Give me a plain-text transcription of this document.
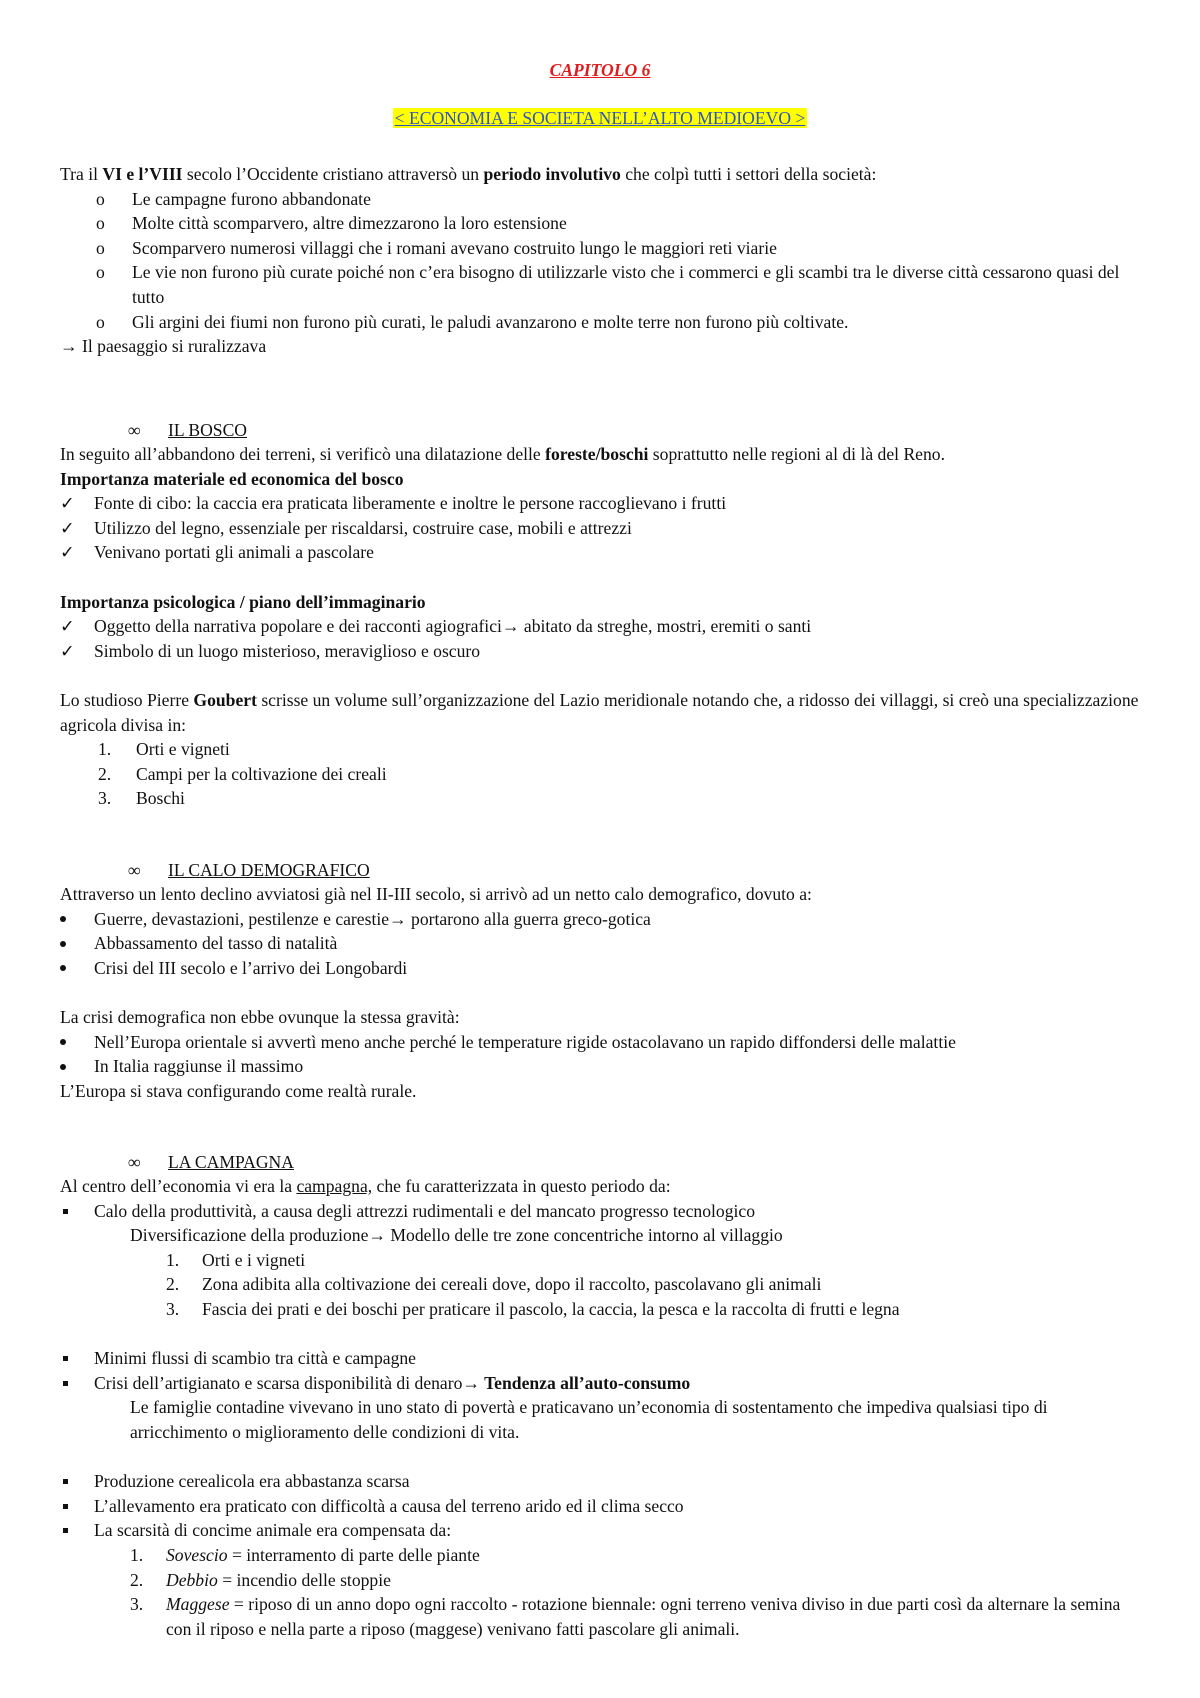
CAPITOLO 6
< ECONOMIA E SOCIETA NELL’ALTO MEDIOEVO >

Tra il VI e l’VIII secolo l’Occidente cristiano attraversò un periodo involutivo che colpì tutti i settori della società:

o Le campagne furono abbandonate
o Molte città scomparvero, altre dimezzarono la loro estensione
o Scomparvero numerosi villaggi che i romani avevano costruito lungo le maggiori reti viarie
o Le vie non furono più curate poiché non c’era bisogno di utilizzarle visto che i commerci e gli scambi tra le diverse città cessarono quasi del tutto
o Gli argini dei fiumi non furono più curati, le paludi avanzarono e molte terre non furono più coltivate.

→ Il paesaggio si ruralizzava

∞ IL BOSCO

In seguito all’abbandono dei terreni, si verificò una dilatazione delle foreste/boschi soprattutto nelle regioni al di là del Reno.

Importanza materiale ed economica del bosco

✓ Fonte di cibo: la caccia era praticata liberamente e inoltre le persone raccoglievano i frutti
✓ Utilizzo del legno, essenziale per riscaldarsi, costruire case, mobili e attrezzi
✓ Venivano portati gli animali a pascolare

Importanza psicologica / piano dell’immaginario

✓ Oggetto della narrativa popolare e dei racconti agiografici→ abitato da streghe, mostri, eremiti o santi
✓ Simbolo di un luogo misterioso, meraviglioso e oscuro

Lo studioso Pierre Goubert scrisse un volume sull’organizzazione del Lazio meridionale notando che, a ridosso dei villaggi, si creò una specializzazione agricola divisa in:

1. Orti e vigneti
2. Campi per la coltivazione dei creali
3. Boschi
∞ IL CALO DEMOGRAFICO

Attraverso un lento declino avviatosi già nel II-III secolo, si arrivò ad un netto calo demografico, dovuto a:

Guerre, devastazioni, pestilenze e carestie→ portarono alla guerra greco-gotica
Abbassamento del tasso di natalità
Crisi del III secolo e l’arrivo dei Longobardi

La crisi demografica non ebbe ovunque la stessa gravità:

Nell’Europa orientale si avvertì meno anche perché le temperature rigide ostacolavano un rapido diffondersi delle malattie
In Italia raggiunse il massimo

L’Europa si stava configurando come realtà rurale.

∞ LA CAMPAGNA

Al centro dell’economia vi era la campagna, che fu caratterizzata in questo periodo da:

Calo della produttività, a causa degli attrezzi rudimentali e del mancato progresso tecnologico

Diversificazione della produzione→ Modello delle tre zone concentriche intorno al villaggio

1. Orti e i vigneti
2. Zona adibita alla coltivazione dei cereali dove, dopo il raccolto, pascolavano gli animali
3. Fascia dei prati e dei boschi per praticare il pascolo, la caccia, la pesca e la raccolta di frutti e legna

Minimi flussi di scambio tra città e campagne
Crisi dell’artigianato e scarsa disponibilità di denaro→ Tendenza all’auto-consumo

Le famiglie contadine vivevano in uno stato di povertà e praticavano un’economia di sostentamento che impediva qualsiasi tipo di arricchimento o miglioramento delle condizioni di vita.

Produzione cerealicola era abbastanza scarsa
L’allevamento era praticato con difficoltà a causa del terreno arido ed il clima secco
La scarsità di concime animale era compensata da:
1. Sovescio = interramento di parte delle piante
2. Debbio = incendio delle stoppie
3. Maggese = riposo di un anno dopo ogni raccolto - rotazione biennale: ogni terreno veniva diviso in due parti così da alternare la semina con il riposo e nella parte a riposo (maggese) venivano fatti pascolare gli animali.
